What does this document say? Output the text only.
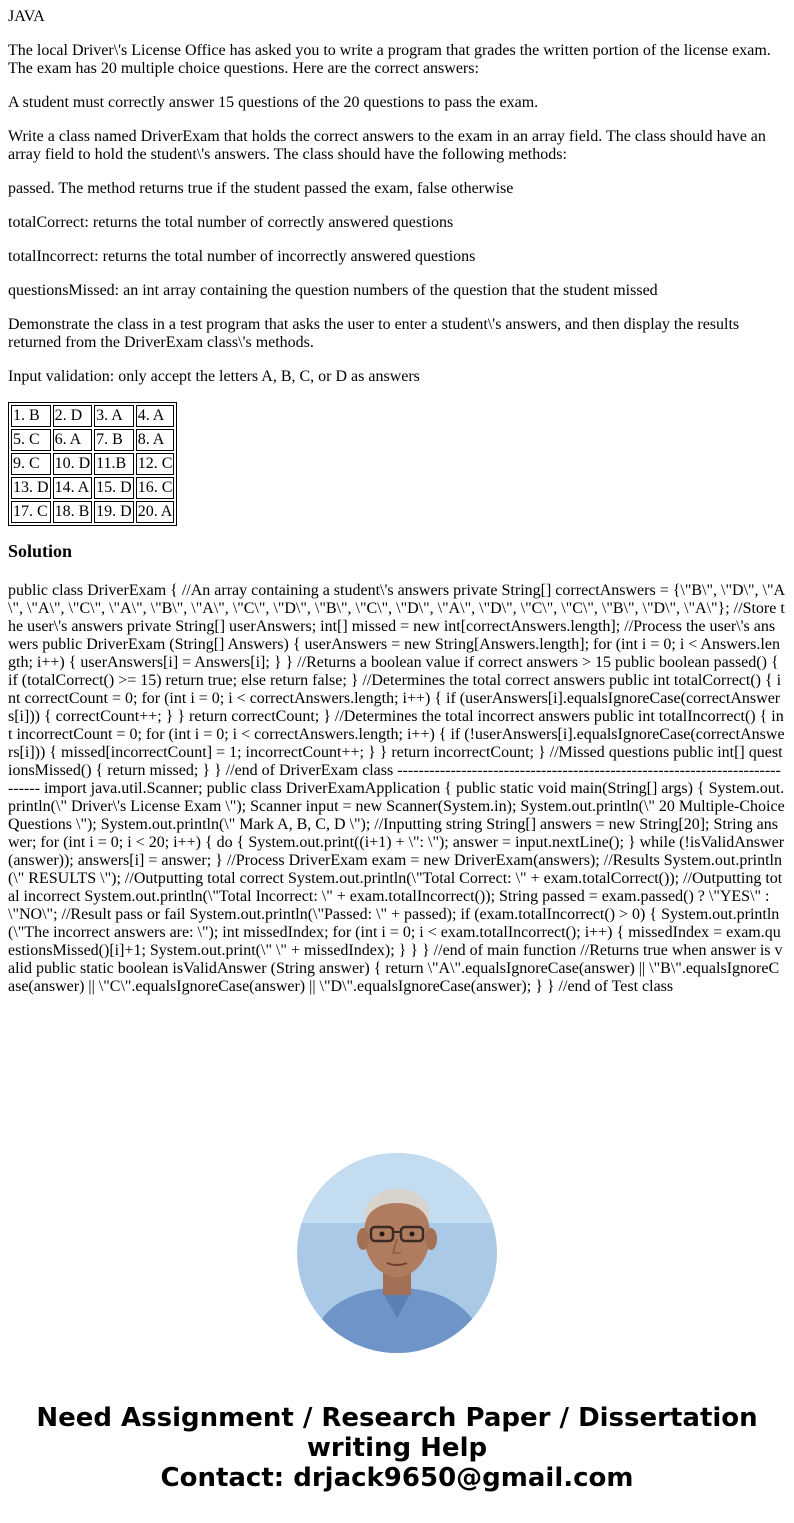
JAVA

The local Driver\'s License Office has asked you to write a program that grades the written portion of the license exam. The exam has 20 multiple choice questions. Here are the correct answers:

A student must correctly answer 15 questions of the 20 questions to pass the exam.

Write a class named DriverExam that holds the correct answers to the exam in an array field. The class should have an array field to hold the student\'s answers. The class should have the following methods:

passed. The method returns true if the student passed the exam, false otherwise

totalCorrect: returns the total number of correctly answered questions

totalIncorrect: returns the total number of incorrectly answered questions

questionsMissed: an int array containing the question numbers of the question that the student missed

Demonstrate the class in a test program that asks the user to enter a student\'s answers, and then display the results returned from the DriverExam class\'s methods.

Input validation: only accept the letters A, B, C, or D as answers

1. B	2. D	3. A	4. A
5. C	6. A	7. B	8. A
9. C	10. D	11.B	12. C
13. D	14. A	15. D	16. C
17. C	18. B	19. D	20. A
Solution

public class DriverExam { //An array containing a student\'s answers private String[] correctAnswers = {\"B\", \"D\", \"A\", \"A\", \"C\", \"A\", \"B\", \"A\", \"C\", \"D\", \"B\", \"C\", \"D\", \"A\", \"D\", \"C\", \"C\", \"B\", \"D\", \"A\"}; //Store the user\'s answers private String[] userAnswers; int[] missed = new int[correctAnswers.length]; //Process the user\'s answers public DriverExam (String[] Answers) { userAnswers = new String[Answers.length]; for (int i = 0; i < Answers.length; i++) { userAnswers[i] = Answers[i]; } } //Returns a boolean value if correct answers > 15 public boolean passed() { if (totalCorrect() >= 15) return true; else return false; } //Determines the total correct answers public int totalCorrect() { int correctCount = 0; for (int i = 0; i < correctAnswers.length; i++) { if (userAnswers[i].equalsIgnoreCase(correctAnswers[i])) { correctCount++; } } return correctCount; } //Determines the total incorrect answers public int totalIncorrect() { int incorrectCount = 0; for (int i = 0; i < correctAnswers.length; i++) { if (!userAnswers[i].equalsIgnoreCase(correctAnswers[i])) { missed[incorrectCount] = 1; incorrectCount++; } } return incorrectCount; } //Missed questions public int[] questionsMissed() { return missed; } } //end of DriverExam class ------------------------------------------------------------------------------ import java.util.Scanner; public class DriverExamApplication { public static void main(String[] args) { System.out.println(\" Driver\'s License Exam \"); Scanner input = new Scanner(System.in); System.out.println(\" 20 Multiple-Choice Questions \"); System.out.println(\" Mark A, B, C, D \"); //Inputting string String[] answers = new String[20]; String answer; for (int i = 0; i < 20; i++) { do { System.out.print((i+1) + \": \"); answer = input.nextLine(); } while (!isValidAnswer(answer)); answers[i] = answer; } //Process DriverExam exam = new DriverExam(answers); //Results System.out.println(\" RESULTS \"); //Outputting total correct System.out.println(\"Total Correct: \" + exam.totalCorrect()); //Outputting total incorrect System.out.println(\"Total Incorrect: \" + exam.totalIncorrect()); String passed = exam.passed() ? \"YES\" : \"NO\"; //Result pass or fail System.out.println(\"Passed: \" + passed); if (exam.totalIncorrect() > 0) { System.out.println(\"The incorrect answers are: \"); int missedIndex; for (int i = 0; i < exam.totalIncorrect(); i++) { missedIndex = exam.questionsMissed()[i]+1; System.out.print(\" \" + missedIndex); } } } //end of main function //Returns true when answer is valid public static boolean isValidAnswer (String answer) { return \"A\".equalsIgnoreCase(answer) || \"B\".equalsIgnoreCase(answer) || \"C\".equalsIgnoreCase(answer) || \"D\".equalsIgnoreCase(answer); } } //end of Test class

Need Assignment / Research Paper / Dissertation
writing Help
Contact: drjack9650@gmail.com
